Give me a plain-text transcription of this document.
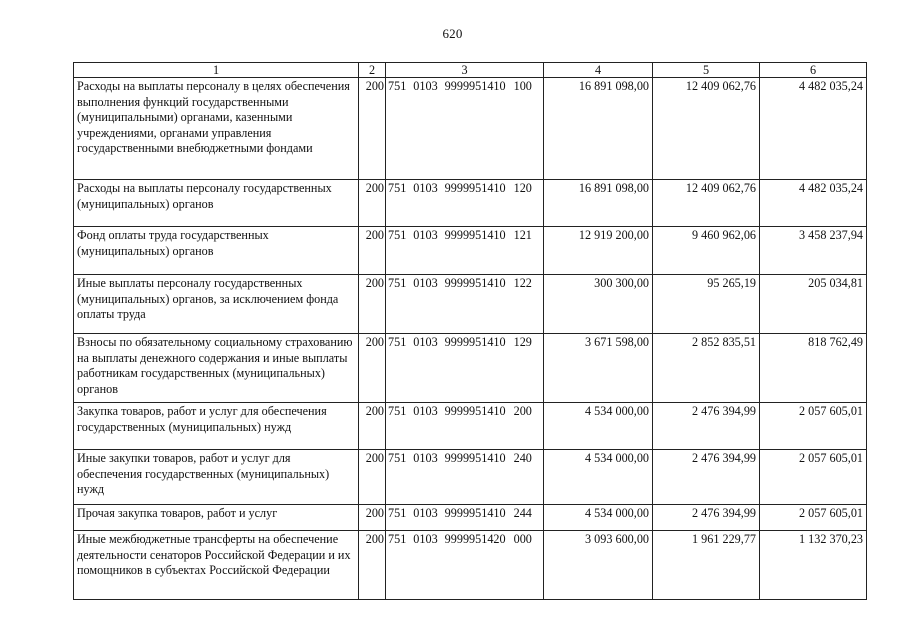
620
1	2	3	4	5	6
Расходы на выплаты персоналу в целях обеспечения выполнения функций государственными (муниципальными) органами, казенными учреждениями, органами управления государственными внебюджетными фондами	200	751 0103 9999951410 100	16 891 098,00	12 409 062,76	4 482 035,24
Расходы на выплаты персоналу государственных (муниципальных) органов	200	751 0103 9999951410 120	16 891 098,00	12 409 062,76	4 482 035,24
Фонд оплаты труда государственных (муниципальных) органов	200	751 0103 9999951410 121	12 919 200,00	9 460 962,06	3 458 237,94
Иные выплаты персоналу государственных (муниципальных) органов, за исключением фонда оплаты труда	200	751 0103 9999951410 122	300 300,00	95 265,19	205 034,81
Взносы по обязательному социальному страхованию на выплаты денежного содержания и иные выплаты работникам государственных (муниципальных) органов	200	751 0103 9999951410 129	3 671 598,00	2 852 835,51	818 762,49
Закупка товаров, работ и услуг для обеспечения государственных (муниципальных) нужд	200	751 0103 9999951410 200	4 534 000,00	2 476 394,99	2 057 605,01
Иные закупки товаров, работ и услуг для обеспечения государственных (муниципальных) нужд	200	751 0103 9999951410 240	4 534 000,00	2 476 394,99	2 057 605,01
Прочая закупка товаров, работ и услуг	200	751 0103 9999951410 244	4 534 000,00	2 476 394,99	2 057 605,01
Иные межбюджетные трансферты на обеспечение деятельности сенаторов Российской Федерации и их помощников в субъектах Российской Федерации	200	751 0103 9999951420 000	3 093 600,00	1 961 229,77	1 132 370,23
